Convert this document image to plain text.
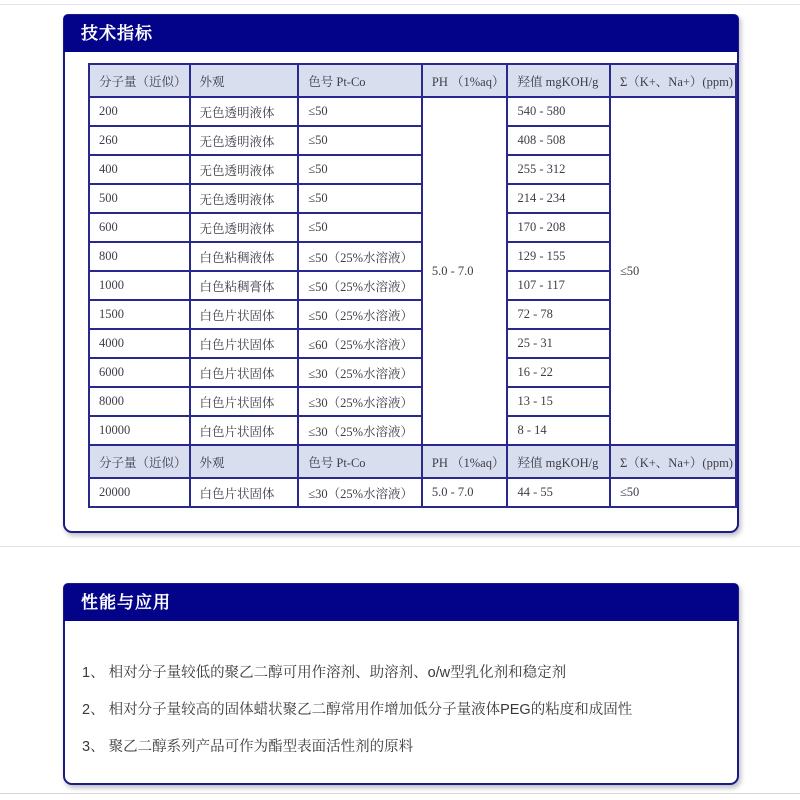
技术指标
分子量（近似）	外观	色号 Pt-Co	PH （1%aq）	羟值 mgKOH/g	Σ（K+、Na+）(ppm)
200	无色透明液体	≤50	5.0 - 7.0	540 - 580	≤50
260	无色透明液体	≤50		408 - 508	
400	无色透明液体	≤50		255 - 312	
500	无色透明液体	≤50		214 - 234	
600	无色透明液体	≤50		170 - 208	
800	白色粘稠液体	≤50（25%水溶液）		129 - 155	
1000	白色粘稠膏体	≤50（25%水溶液）		107 - 117	
1500	白色片状固体	≤50（25%水溶液）		72 - 78	
4000	白色片状固体	≤60（25%水溶液）		25 - 31	
6000	白色片状固体	≤30（25%水溶液）		16 - 22	
8000	白色片状固体	≤30（25%水溶液）		13 - 15	
10000	白色片状固体	≤30（25%水溶液）		8 - 14	
分子量（近似）	外观	色号 Pt-Co	PH （1%aq）	羟值 mgKOH/g	Σ（K+、Na+）(ppm)
20000	白色片状固体	≤30（25%水溶液）	5.0 - 7.0	44 - 55	≤50
性能与应用
1、 相对分子量较低的聚乙二醇可用作溶剂、助溶剂、o/w型乳化剂和稳定剂
2、 相对分子量较高的固体蜡状聚乙二醇常用作增加低分子量液体PEG的粘度和成固性
3、 聚乙二醇系列产品可作为酯型表面活性剂的原料
